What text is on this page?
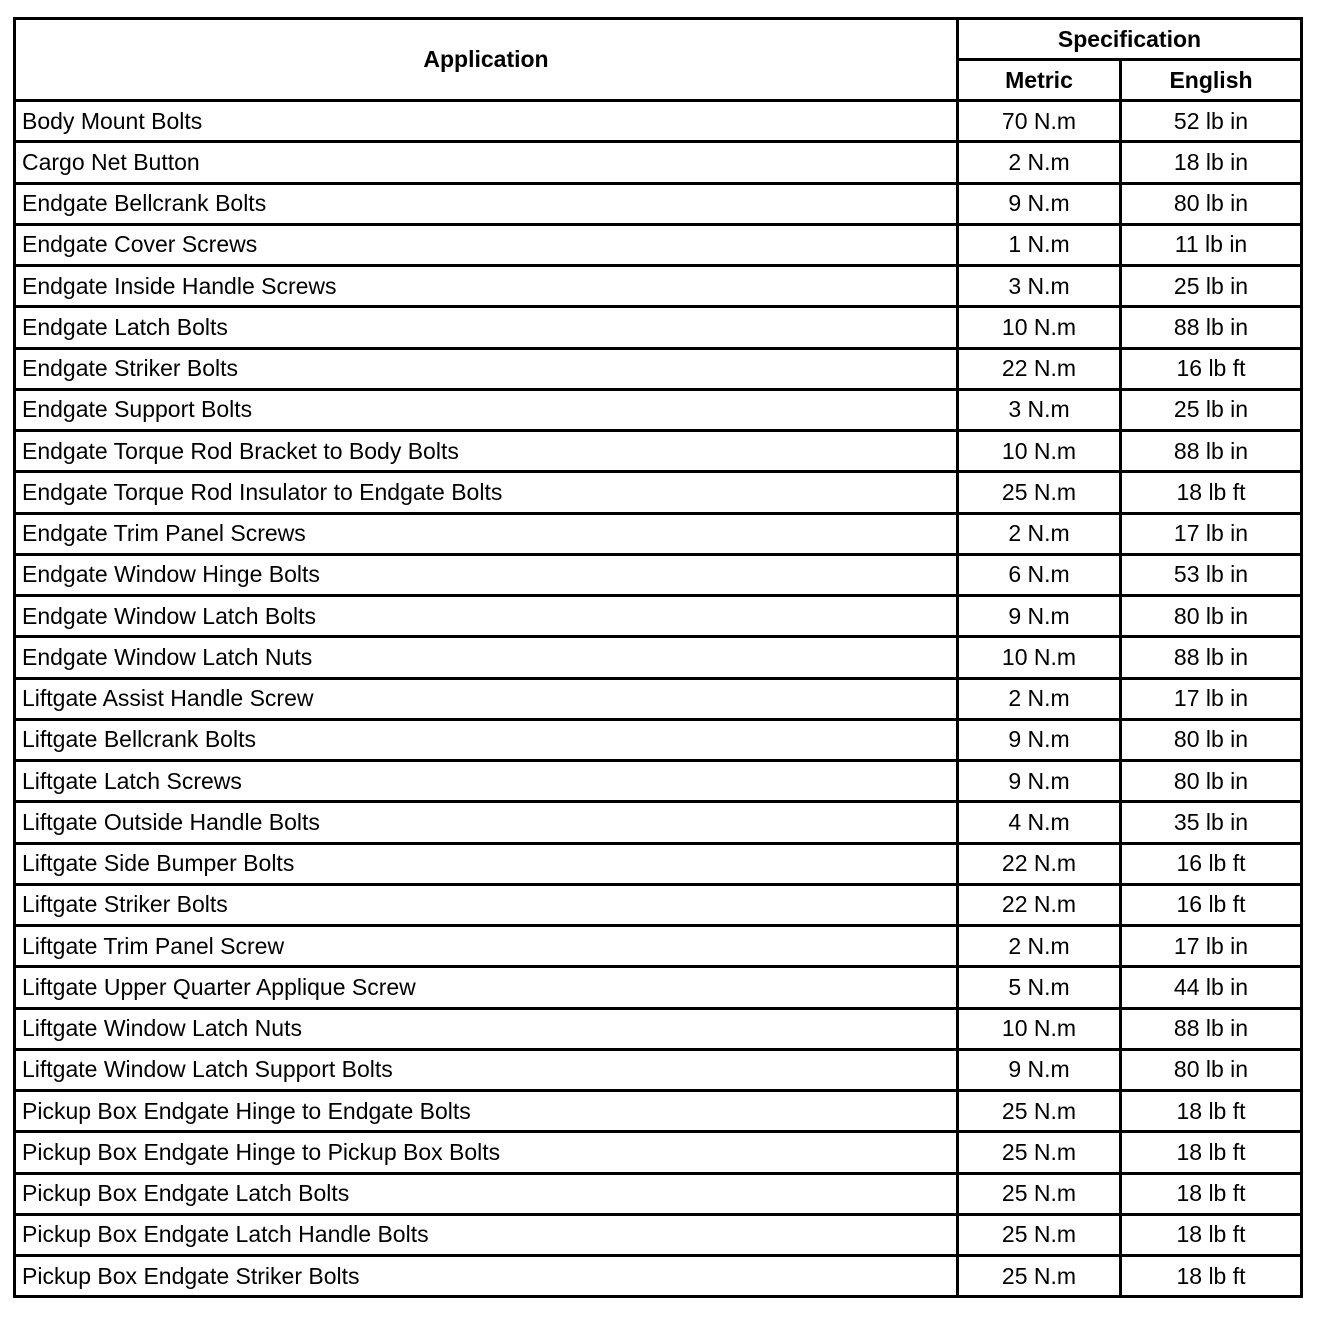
Application	Specification	
	Metric	English
Body Mount Bolts	70 N.m	52 lb in
Cargo Net Button	2 N.m	18 lb in
Endgate Bellcrank Bolts	9 N.m	80 lb in
Endgate Cover Screws	1 N.m	11 lb in
Endgate Inside Handle Screws	3 N.m	25 lb in
Endgate Latch Bolts	10 N.m	88 lb in
Endgate Striker Bolts	22 N.m	16 lb ft
Endgate Support Bolts	3 N.m	25 lb in
Endgate Torque Rod Bracket to Body Bolts	10 N.m	88 lb in
Endgate Torque Rod Insulator to Endgate Bolts	25 N.m	18 lb ft
Endgate Trim Panel Screws	2 N.m	17 lb in
Endgate Window Hinge Bolts	6 N.m	53 lb in
Endgate Window Latch Bolts	9 N.m	80 lb in
Endgate Window Latch Nuts	10 N.m	88 lb in
Liftgate Assist Handle Screw	2 N.m	17 lb in
Liftgate Bellcrank Bolts	9 N.m	80 lb in
Liftgate Latch Screws	9 N.m	80 lb in
Liftgate Outside Handle Bolts	4 N.m	35 lb in
Liftgate Side Bumper Bolts	22 N.m	16 lb ft
Liftgate Striker Bolts	22 N.m	16 lb ft
Liftgate Trim Panel Screw	2 N.m	17 lb in
Liftgate Upper Quarter Applique Screw	5 N.m	44 lb in
Liftgate Window Latch Nuts	10 N.m	88 lb in
Liftgate Window Latch Support Bolts	9 N.m	80 lb in
Pickup Box Endgate Hinge to Endgate Bolts	25 N.m	18 lb ft
Pickup Box Endgate Hinge to Pickup Box Bolts	25 N.m	18 lb ft
Pickup Box Endgate Latch Bolts	25 N.m	18 lb ft
Pickup Box Endgate Latch Handle Bolts	25 N.m	18 lb ft
Pickup Box Endgate Striker Bolts	25 N.m	18 lb ft
